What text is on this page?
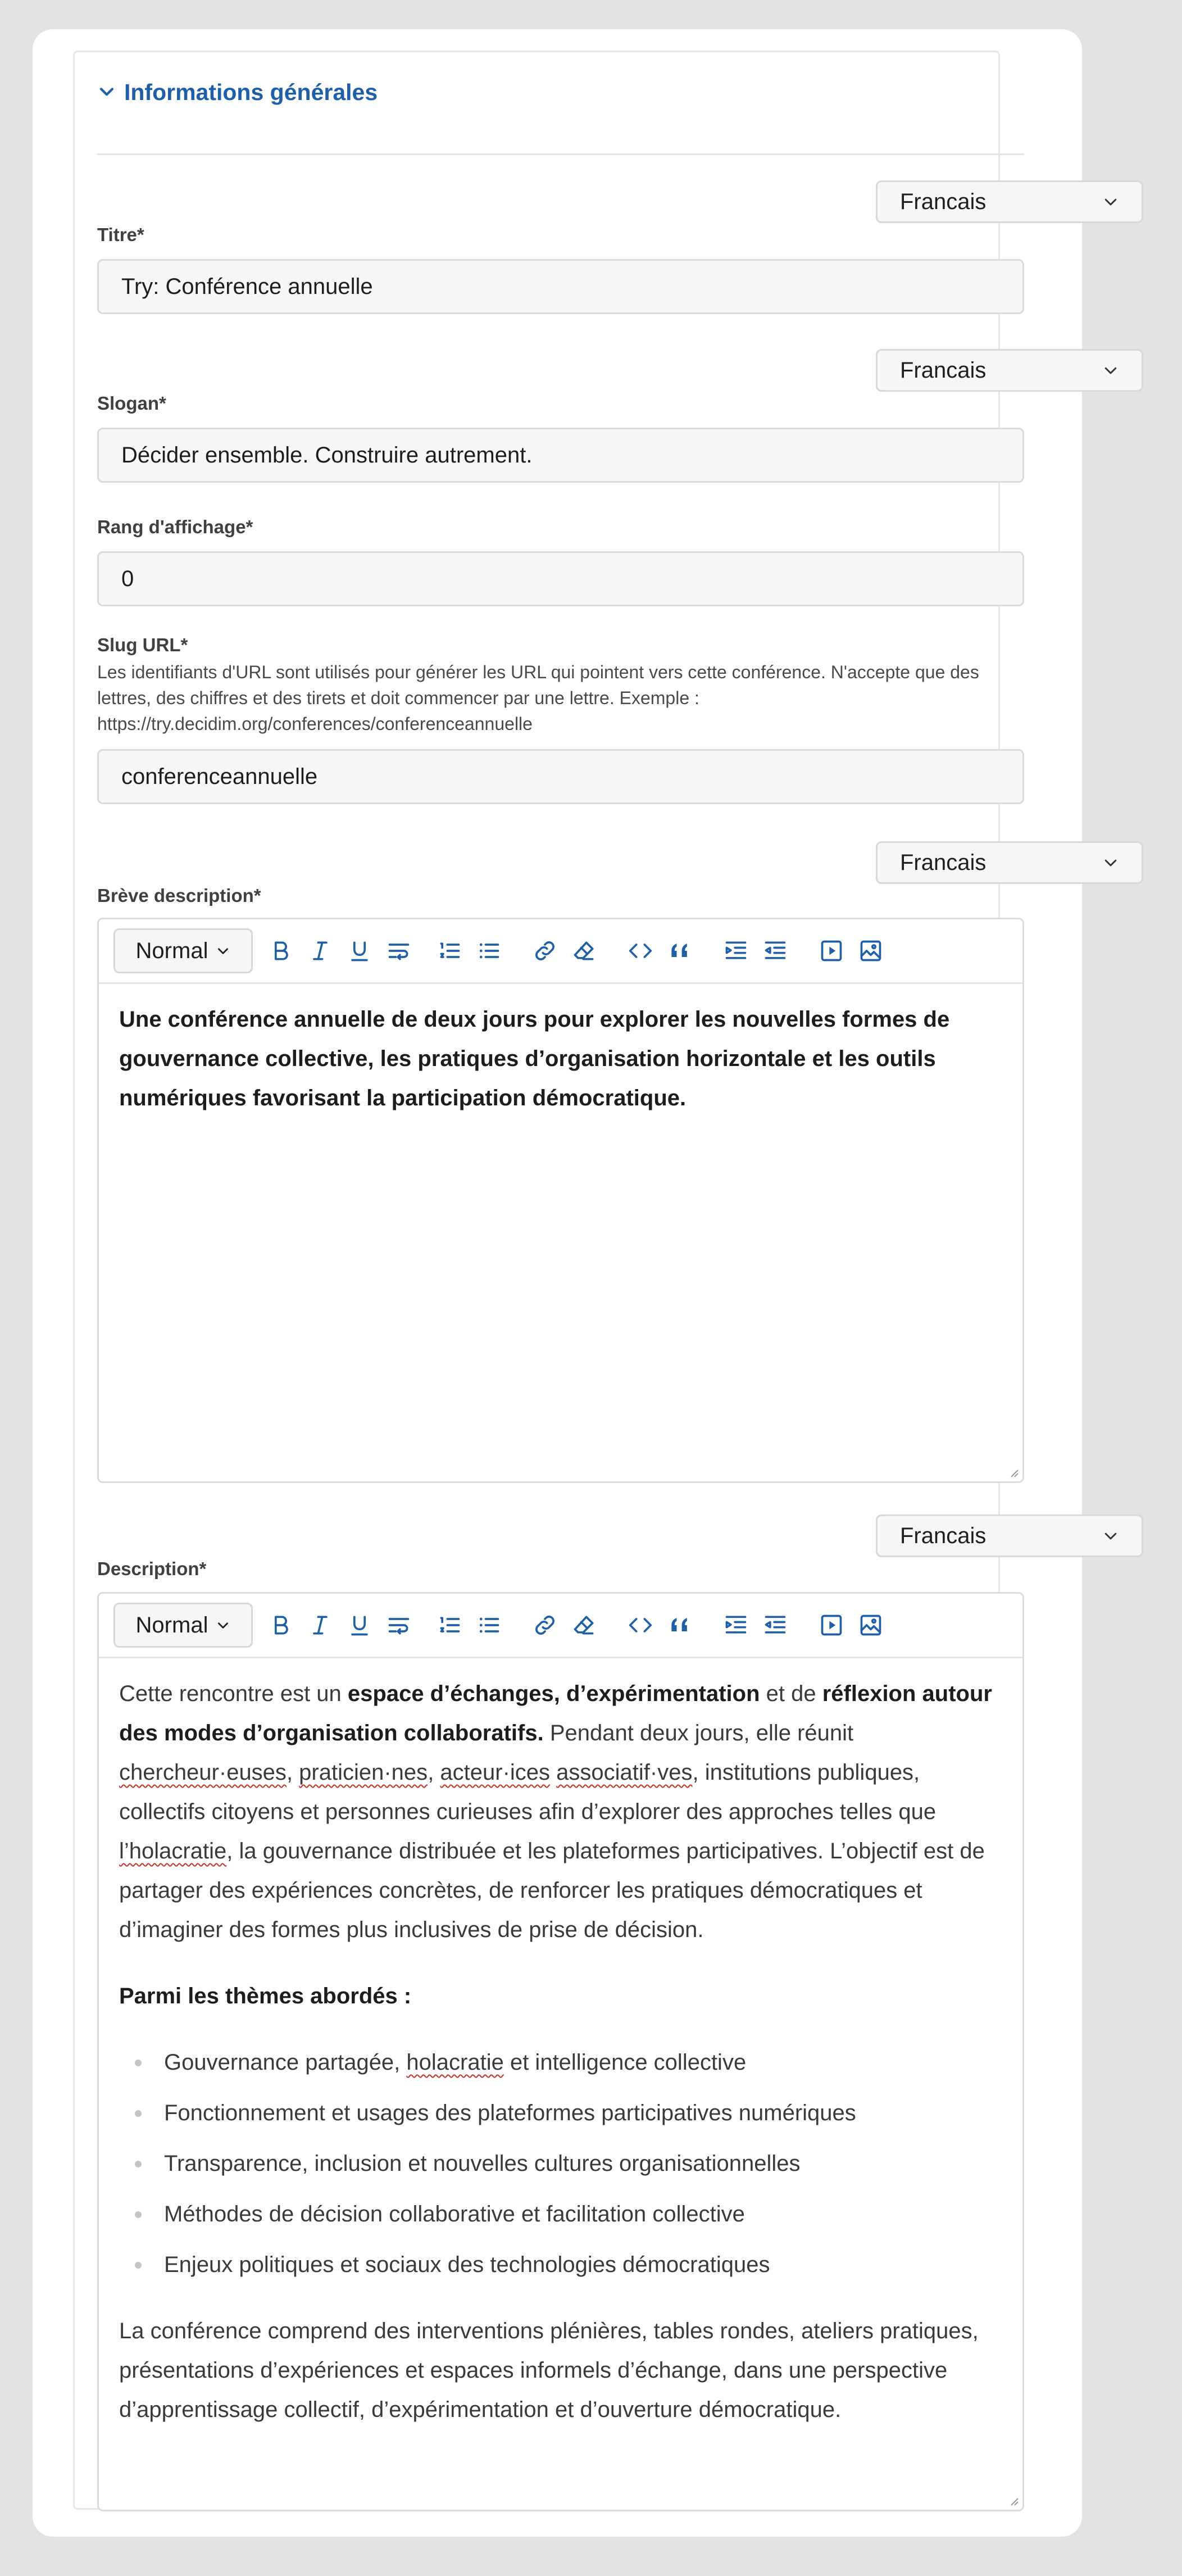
Informations générales
Francais
Titre*
Try: Conférence annuelle
Francais
Slogan*
Décider ensemble. Construire autrement.
Rang d'affichage*
0
Slug URL*
Les identifiants d'URL sont utilisés pour générer les URL qui pointent vers cette conférence. N'accepte que des lettres, des chiffres et des tirets et doit commencer par une lettre. Exemple : https://try.decidim.org/conferences/conferenceannuelle
conferenceannuelle
Francais
Brève description*
Normal

Une conférence annuelle de deux jours pour explorer les nouvelles formes de gouvernance collective, les pratiques d’organisation horizontale et les outils numériques favorisant la participation démocratique.

Francais
Description*
Normal

Cette rencontre est un espace d’échanges, d’expérimentation et de réflexion autour des modes d’organisation collaboratifs. Pendant deux jours, elle réunit chercheur·euses, praticien·nes, acteur·ices associatif·ves, institutions publiques, collectifs citoyens et personnes curieuses afin d’explorer des approches telles que l’holacratie, la gouvernance distribuée et les plateformes participatives. L’objectif est de partager des expériences concrètes, de renforcer les pratiques démocratiques et d’imaginer des formes plus inclusives de prise de décision.

Parmi les thèmes abordés :

Gouvernance partagée, holacratie et intelligence collective
Fonctionnement et usages des plateformes participatives numériques
Transparence, inclusion et nouvelles cultures organisationnelles
Méthodes de décision collaborative et facilitation collective
Enjeux politiques et sociaux des technologies démocratiques

La conférence comprend des interventions plénières, tables rondes, ateliers pratiques, présentations d’expériences et espaces informels d’échange, dans une perspective d’apprentissage collectif, d’expérimentation et d’ouverture démocratique.
